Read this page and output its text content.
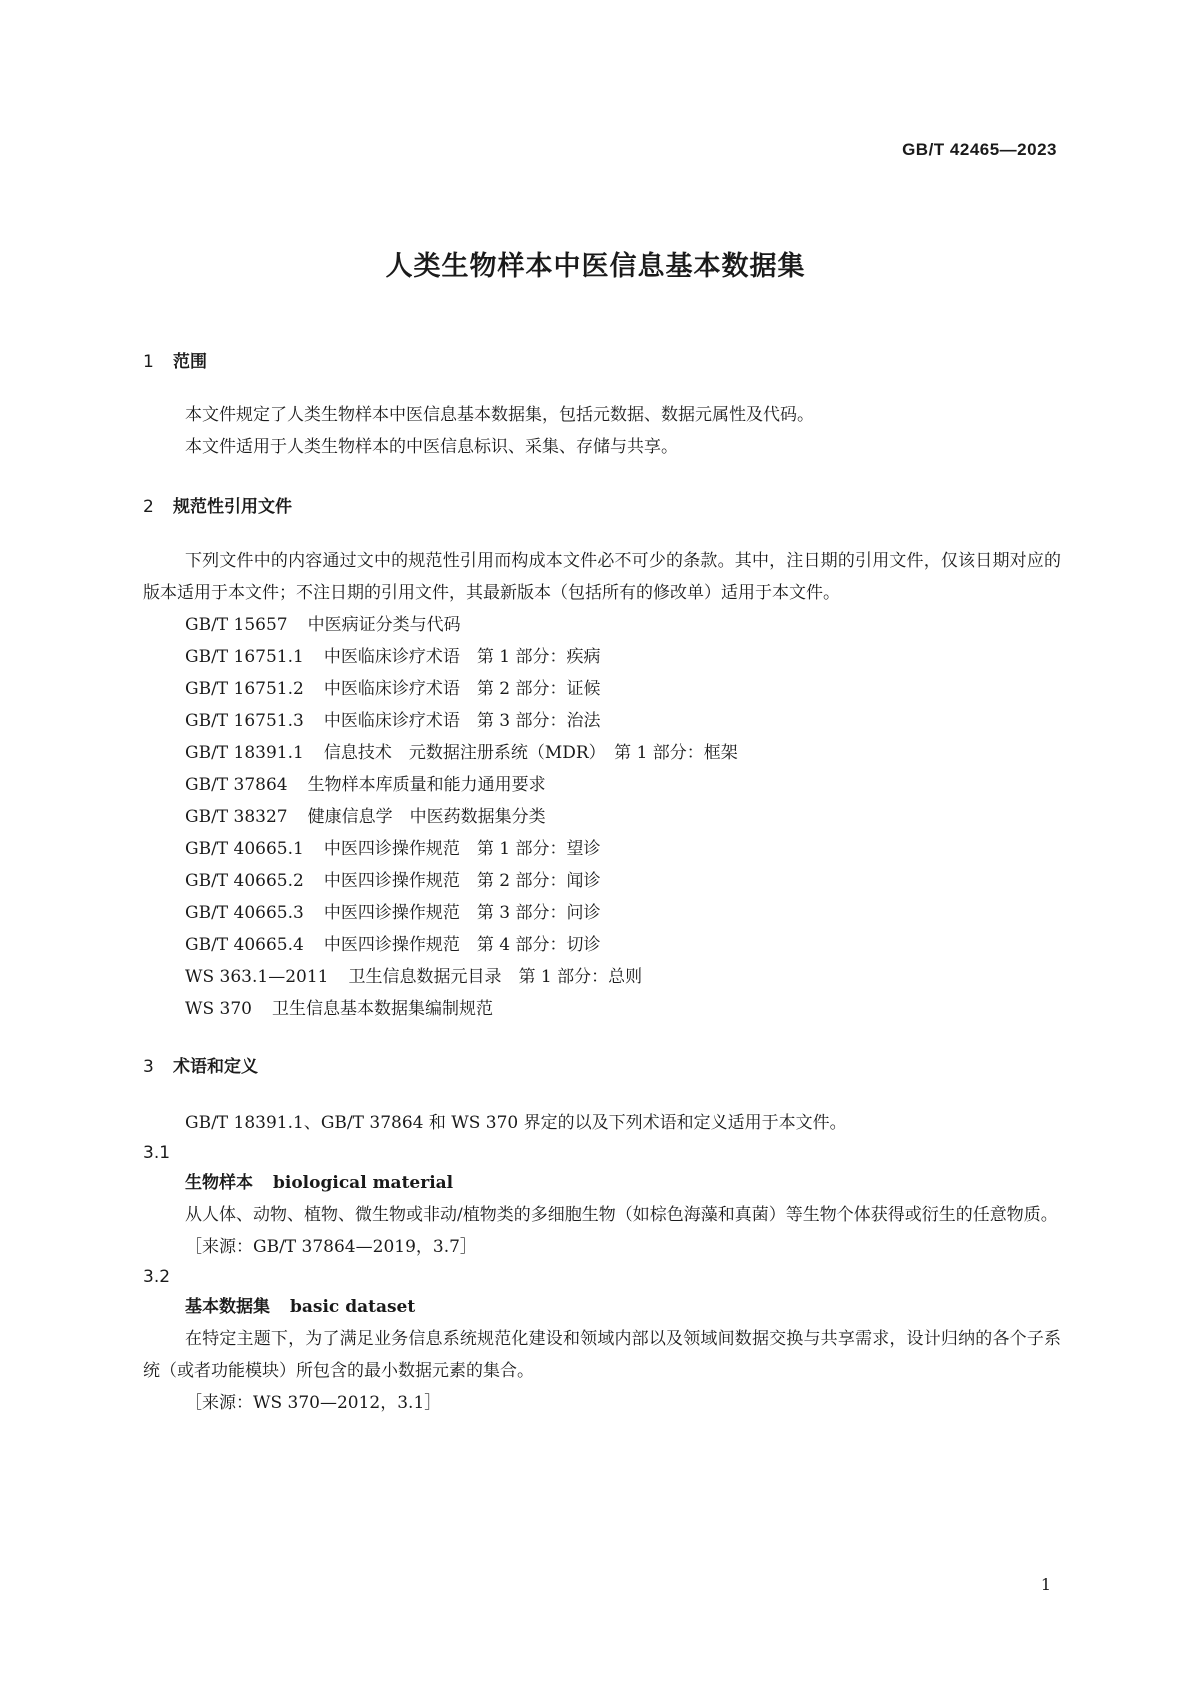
GB/T 42465—2023
人类生物样本中医信息基本数据集
1 范围

本文件规定了人类生物样本中医信息基本数据集，包括元数据、数据元属性及代码。

本文件适用于人类生物样本的中医信息标识、采集、存储与共享。

2 规范性引用文件

下列文件中的内容通过文中的规范性引用而构成本文件必不可少的条款。其中，注日期的引用文件，仅该日期对应的版本适用于本文件；不注日期的引用文件，其最新版本（包括所有的修改单）适用于本文件。

GB/T 15657 中医病证分类与代码
GB/T 16751.1 中医临床诊疗术语　第 1 部分：疾病
GB/T 16751.2 中医临床诊疗术语　第 2 部分：证候
GB/T 16751.3 中医临床诊疗术语　第 3 部分：治法
GB/T 18391.1 信息技术　元数据注册系统（MDR）　第 1 部分：框架
GB/T 37864 生物样本库质量和能力通用要求
GB/T 38327 健康信息学　中医药数据集分类
GB/T 40665.1 中医四诊操作规范　第 1 部分：望诊
GB/T 40665.2 中医四诊操作规范　第 2 部分：闻诊
GB/T 40665.3 中医四诊操作规范　第 3 部分：问诊
GB/T 40665.4 中医四诊操作规范　第 4 部分：切诊
WS 363.1—2011 卫生信息数据元目录　第 1 部分：总则
WS 370 卫生信息基本数据集编制规范
3 术语和定义

GB/T 18391.1、GB/T 37864 和 WS 370 界定的以及下列术语和定义适用于本文件。

3.1
生物样本 biological material

从人体、动物、植物、微生物或非动/植物类的多细胞生物（如棕色海藻和真菌）等生物个体获得或衍生的任意物质。

［来源：GB/T 37864—2019，3.7］
3.2
基本数据集 basic dataset

在特定主题下，为了满足业务信息系统规范化建设和领域内部以及领域间数据交换与共享需求，设计归纳的各个子系统（或者功能模块）所包含的最小数据元素的集合。

［来源：WS 370—2012，3.1］
1
